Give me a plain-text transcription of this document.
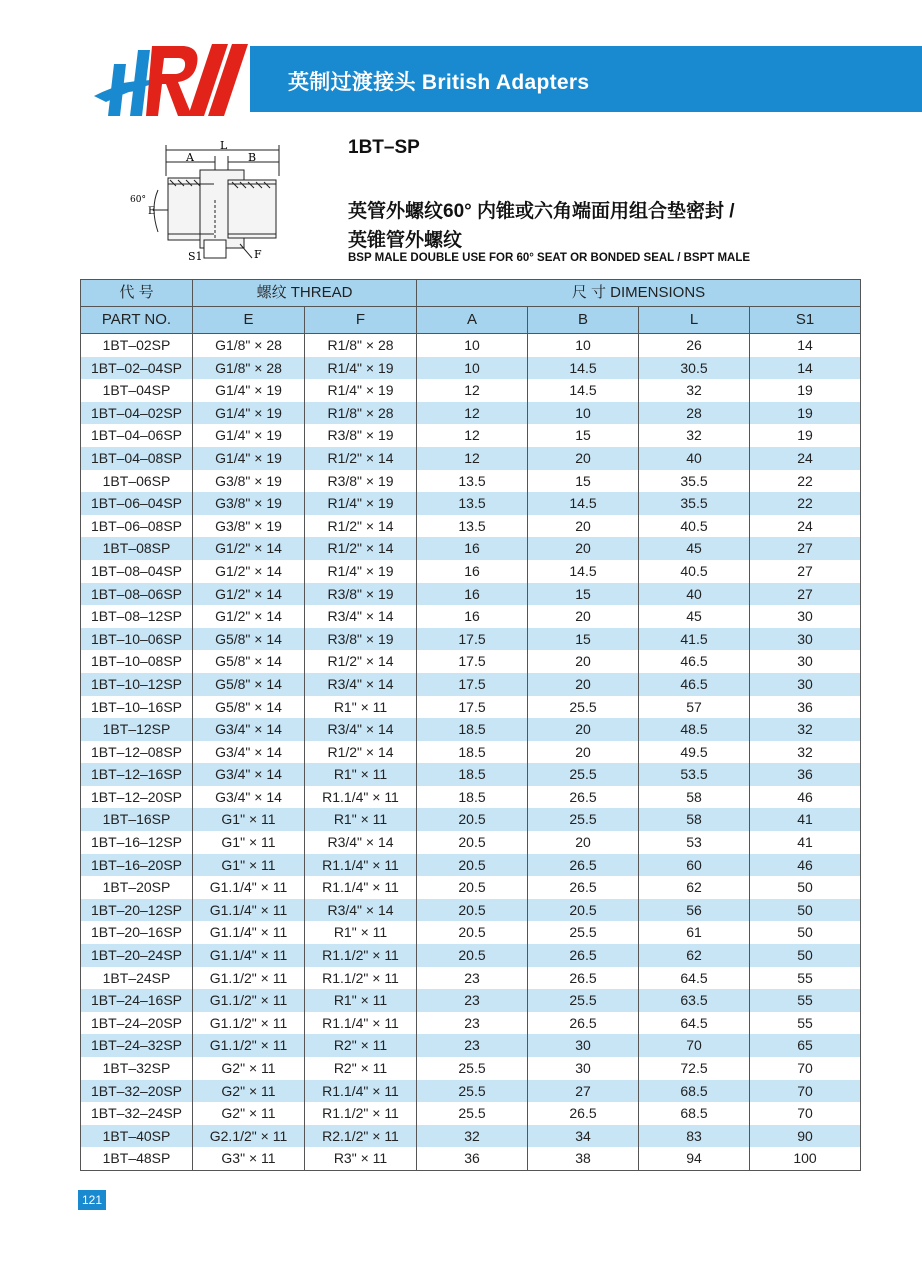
英制过渡接头 British Adapters
L
A	B
E
60°
F
S1
1BT–SP
英管外螺纹60° 内锥或六角端面用组合垫密封 /
英锥管外螺纹
BSP MALE DOUBLE USE FOR 60° SEAT OR BONDED SEAL / BSPT MALE
代 号	螺纹 THREAD		尺 寸 DIMENSIONS			
PART NO.	E	F	A	B	L	S1
1BT–02SP	G1/8" × 28	R1/8" × 28	10	10	26	14
1BT–02–04SP	G1/8" × 28	R1/4" × 19	10	14.5	30.5	14
1BT–04SP	G1/4" × 19	R1/4" × 19	12	14.5	32	19
1BT–04–02SP	G1/4" × 19	R1/8" × 28	12	10	28	19
1BT–04–06SP	G1/4" × 19	R3/8" × 19	12	15	32	19
1BT–04–08SP	G1/4" × 19	R1/2" × 14	12	20	40	24
1BT–06SP	G3/8" × 19	R3/8" × 19	13.5	15	35.5	22
1BT–06–04SP	G3/8" × 19	R1/4" × 19	13.5	14.5	35.5	22
1BT–06–08SP	G3/8" × 19	R1/2" × 14	13.5	20	40.5	24
1BT–08SP	G1/2" × 14	R1/2" × 14	16	20	45	27
1BT–08–04SP	G1/2" × 14	R1/4" × 19	16	14.5	40.5	27
1BT–08–06SP	G1/2" × 14	R3/8" × 19	16	15	40	27
1BT–08–12SP	G1/2" × 14	R3/4" × 14	16	20	45	30
1BT–10–06SP	G5/8" × 14	R3/8" × 19	17.5	15	41.5	30
1BT–10–08SP	G5/8" × 14	R1/2" × 14	17.5	20	46.5	30
1BT–10–12SP	G5/8" × 14	R3/4" × 14	17.5	20	46.5	30
1BT–10–16SP	G5/8" × 14	R1" × 11	17.5	25.5	57	36
1BT–12SP	G3/4" × 14	R3/4" × 14	18.5	20	48.5	32
1BT–12–08SP	G3/4" × 14	R1/2" × 14	18.5	20	49.5	32
1BT–12–16SP	G3/4" × 14	R1" × 11	18.5	25.5	53.5	36
1BT–12–20SP	G3/4" × 14	R1.1/4" × 11	18.5	26.5	58	46
1BT–16SP	G1" × 11	R1" × 11	20.5	25.5	58	41
1BT–16–12SP	G1" × 11	R3/4" × 14	20.5	20	53	41
1BT–16–20SP	G1" × 11	R1.1/4" × 11	20.5	26.5	60	46
1BT–20SP	G1.1/4" × 11	R1.1/4" × 11	20.5	26.5	62	50
1BT–20–12SP	G1.1/4" × 11	R3/4" × 14	20.5	20.5	56	50
1BT–20–16SP	G1.1/4" × 11	R1" × 11	20.5	25.5	61	50
1BT–20–24SP	G1.1/4" × 11	R1.1/2" × 11	20.5	26.5	62	50
1BT–24SP	G1.1/2" × 11	R1.1/2" × 11	23	26.5	64.5	55
1BT–24–16SP	G1.1/2" × 11	R1" × 11	23	25.5	63.5	55
1BT–24–20SP	G1.1/2" × 11	R1.1/4" × 11	23	26.5	64.5	55
1BT–24–32SP	G1.1/2" × 11	R2" × 11	23	30	70	65
1BT–32SP	G2" × 11	R2" × 11	25.5	30	72.5	70
1BT–32–20SP	G2" × 11	R1.1/4" × 11	25.5	27	68.5	70
1BT–32–24SP	G2" × 11	R1.1/2" × 11	25.5	26.5	68.5	70
1BT–40SP	G2.1/2" × 11	R2.1/2" × 11	32	34	83	90
1BT–48SP	G3" × 11	R3" × 11	36	38	94	100
121
